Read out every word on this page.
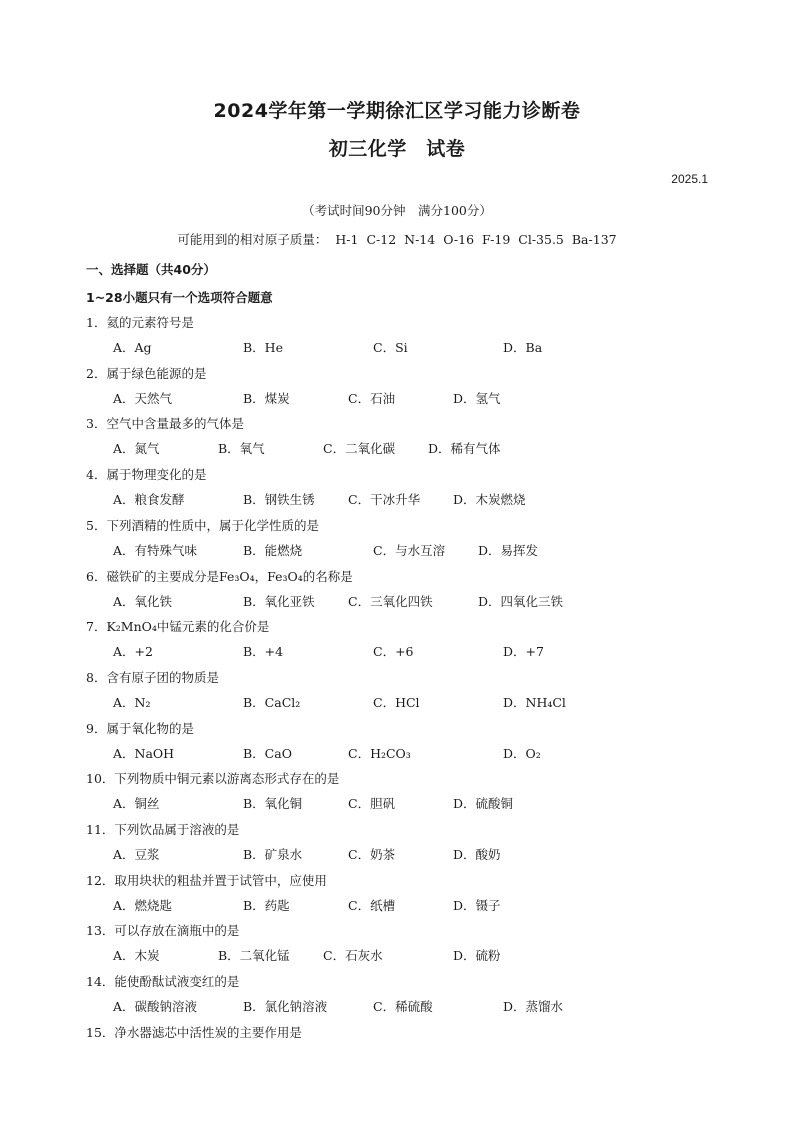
2024学年第一学期徐汇区学习能力诊断卷
初三化学　试卷
2025.1
（考试时间90分钟　满分100分）
可能用到的相对原子质量： H-1 C-12 N-14 O-16 F-19 Cl-35.5 Ba-137
一、选择题（共40分）
1~28小题只有一个选项符合题意
1．氦的元素符号是
A．Ag	B．He	C．Si	D．Ba
2．属于绿色能源的是
A．天然气	B．煤炭	C．石油	D．氢气
3．空气中含量最多的气体是
A．氮气	B．氧气	C．二氧化碳	D．稀有气体
4．属于物理变化的是
A．粮食发酵	B．钢铁生锈	C．干冰升华	D．木炭燃烧
5．下列酒精的性质中，属于化学性质的是
A．有特殊气味	B．能燃烧	C．与水互溶	D．易挥发
6．磁铁矿的主要成分是Fe₃O₄，Fe₃O₄的名称是
A．氧化铁	B．氧化亚铁	C．三氧化四铁	D．四氧化三铁
7．K₂MnO₄中锰元素的化合价是
A．+2	B．+4	C．+6	D．+7
8．含有原子团的物质是
A．N₂	B．CaCl₂	C．HCl	D．NH₄Cl
9．属于氧化物的是
A．NaOH	B．CaO	C．H₂CO₃	D．O₂
10．下列物质中铜元素以游离态形式存在的是
A．铜丝	B．氧化铜	C．胆矾	D．硫酸铜
11．下列饮品属于溶液的是
A．豆浆	B．矿泉水	C．奶茶	D．酸奶
12．取用块状的粗盐并置于试管中，应使用
A．燃烧匙	B．药匙	C．纸槽	D．镊子
13．可以存放在滴瓶中的是
A．木炭	B．二氧化锰	C．石灰水	D．硫粉
14．能使酚酞试液变红的是
A．碳酸钠溶液	B．氯化钠溶液	C．稀硫酸	D．蒸馏水
15．净水器滤芯中活性炭的主要作用是
